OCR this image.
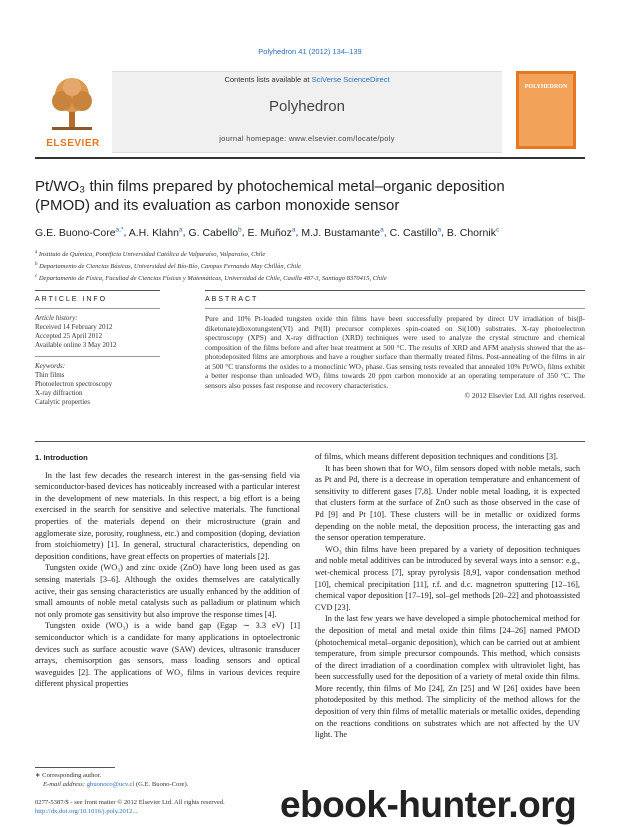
Polyhedron 41 (2012) 134–139
ELSEVIER
Contents lists available at SciVerse ScienceDirect
Polyhedron
journal homepage: www.elsevier.com/locate/poly
POLYHEDRON
Pt/WO₃ thin films prepared by photochemical metal–organic deposition
(PMOD) and its evaluation as carbon monoxide sensor
G.E. Buono-Core$^{a,*}$, A.H. Klahn$^a$, G. Cabello$^b$, E. Muñoz$^a$, M.J. Bustamante$^a$, C. Castillo$^a$, B. Chornik$^c$
$^a$ Instituto de Química, Pontificia Universidad Católica de Valparaíso, Valparaíso, Chile
$^b$ Departamento de Ciencias Básicas, Universidad del Bío-Bío, Campus Fernando May Chillán, Chile
$^c$ Departamento de Física, Facultad de Ciencias Físicas y Matemáticas, Universidad de Chile, Casilla 487-3, Santiago 8370415, Chile
ARTICLE INFO
Article history:
Received 14 February 2012
Accepted 25 April 2012
Available online 3 May 2012
Keywords:
Thin films
Photoelectron spectroscopy
X-ray diffraction
Catalytic properties
ABSTRACT
Pure and 10% Pt-loaded tungsten oxide thin films have been successfully prepared by direct UV irradiation of bis(β-diketonate)dioxotungsten(VI) and Pt(II) precursor complexes spin-coated on Si(100) substrates. X-ray photoelectron spectroscopy (XPS) and X-ray diffraction (XRD) techniques were used to analyze the crystal structure and chemical composition of the films before and after heat treatment at 500 °C. The results of XRD and AFM analysis showed that the as-photodeposited films are amorphous and have a rougher surface than thermally treated films. Post-annealing of the films in air at 500 °C transforms the oxides to a monoclinic WO₃ phase. Gas sensing tests revealed that annealed 10% Pt/WO₃ films exhibit a better response than unloaded WO₃ films towards 20 ppm carbon monoxide at an operating temperature of 350 °C. The sensors also posses fast response and recovery characteristics.
© 2012 Elsevier Ltd. All rights reserved.
1. Introduction

In the last few decades the research interest in the gas-sensing field via semiconductor-based devices has noticeably increased with a particular interest in the development of new materials. In this respect, a big effort is a being exercised in the search for sensitive and selective materials. The functional properties of the materials depend on their microstructure (grain and agglomerate size, porosity, roughness, etc.) and composition (doping, deviation from stoichiometry) [1]. In general, structural characteristics, depending on deposition conditions, have great effects on properties of materials [2].

Tungsten oxide (WO₃) and zinc oxide (ZnO) have long been used as gas sensing materials [3–6]. Although the oxides themselves are catalytically active, their gas sensing characteristics are usually enhanced by the addition of small amounts of noble metal catalysts such as palladium or platinum which not only promote gas sensitivity but also improve the response times [4].

Tungsten oxide (WO₃) is a wide band gap (Egap ∼ 3.3 eV) [1] semiconductor which is a candidate for many applications in optoelectronic devices such as surface acoustic wave (SAW) devices, ultrasonic transducer arrays, chemisorption gas sensors, mass loading sensors and optical waveguides [2]. The applications of WO₃ films in various devices require different physical properties

of films, which means different deposition techniques and conditions [3].

It has been shown that for WO₃ film sensors doped with noble metals, such as Pt and Pd, there is a decrease in operation temperature and enhancement of sensitivity to different gases [7,8]. Under noble metal loading, it is expected that clusters form at the surface of ZnO such as those observed in the case of Pd [9] and Pt [10]. These clusters will be in metallic or oxidized forms depending on the noble metal, the deposition process, the interacting gas and the sensor operation temperature.

WO₃ thin films have been prepared by a variety of deposition techniques and noble metal additives can be introduced by several ways into a sensor: e.g., wet-chemical process [7], spray pyrolysis [8,9], vapor condensation method [10], chemical precipitation [11], r.f. and d.c. magnetron sputtering [12–16], chemical vapor deposition [17–19], sol–gel methods [20–22] and photoassisted CVD [23].

In the last few years we have developed a simple photochemical method for the deposition of metal and metal oxide thin films [24–26] named PMOD (photochemical metal–organic deposition), which can be carried out at ambient temperature, from simple precursor compounds. This method, which consists of the direct irradiation of a coordination complex with ultraviolet light, has been successfully used for the deposition of a variety of metal oxide thin films. More recently, thin films of Mo [24], Zn [25] and W [26] oxides have been photodeposited by this method. The simplicity of the method allows for the deposition of very thin films of metallic materials or metallic oxides, depending on the reactions conditions on substrates which are not affected by the UV light. The

∗ Corresponding author.
E-mail address: gbuonoco@ucv.cl (G.E. Buono-Core).
0277-5387/$ - see front matter © 2012 Elsevier Ltd. All rights reserved.
http://dx.doi.org/10.1016/j.poly.2012...	ebook-hunter.org
